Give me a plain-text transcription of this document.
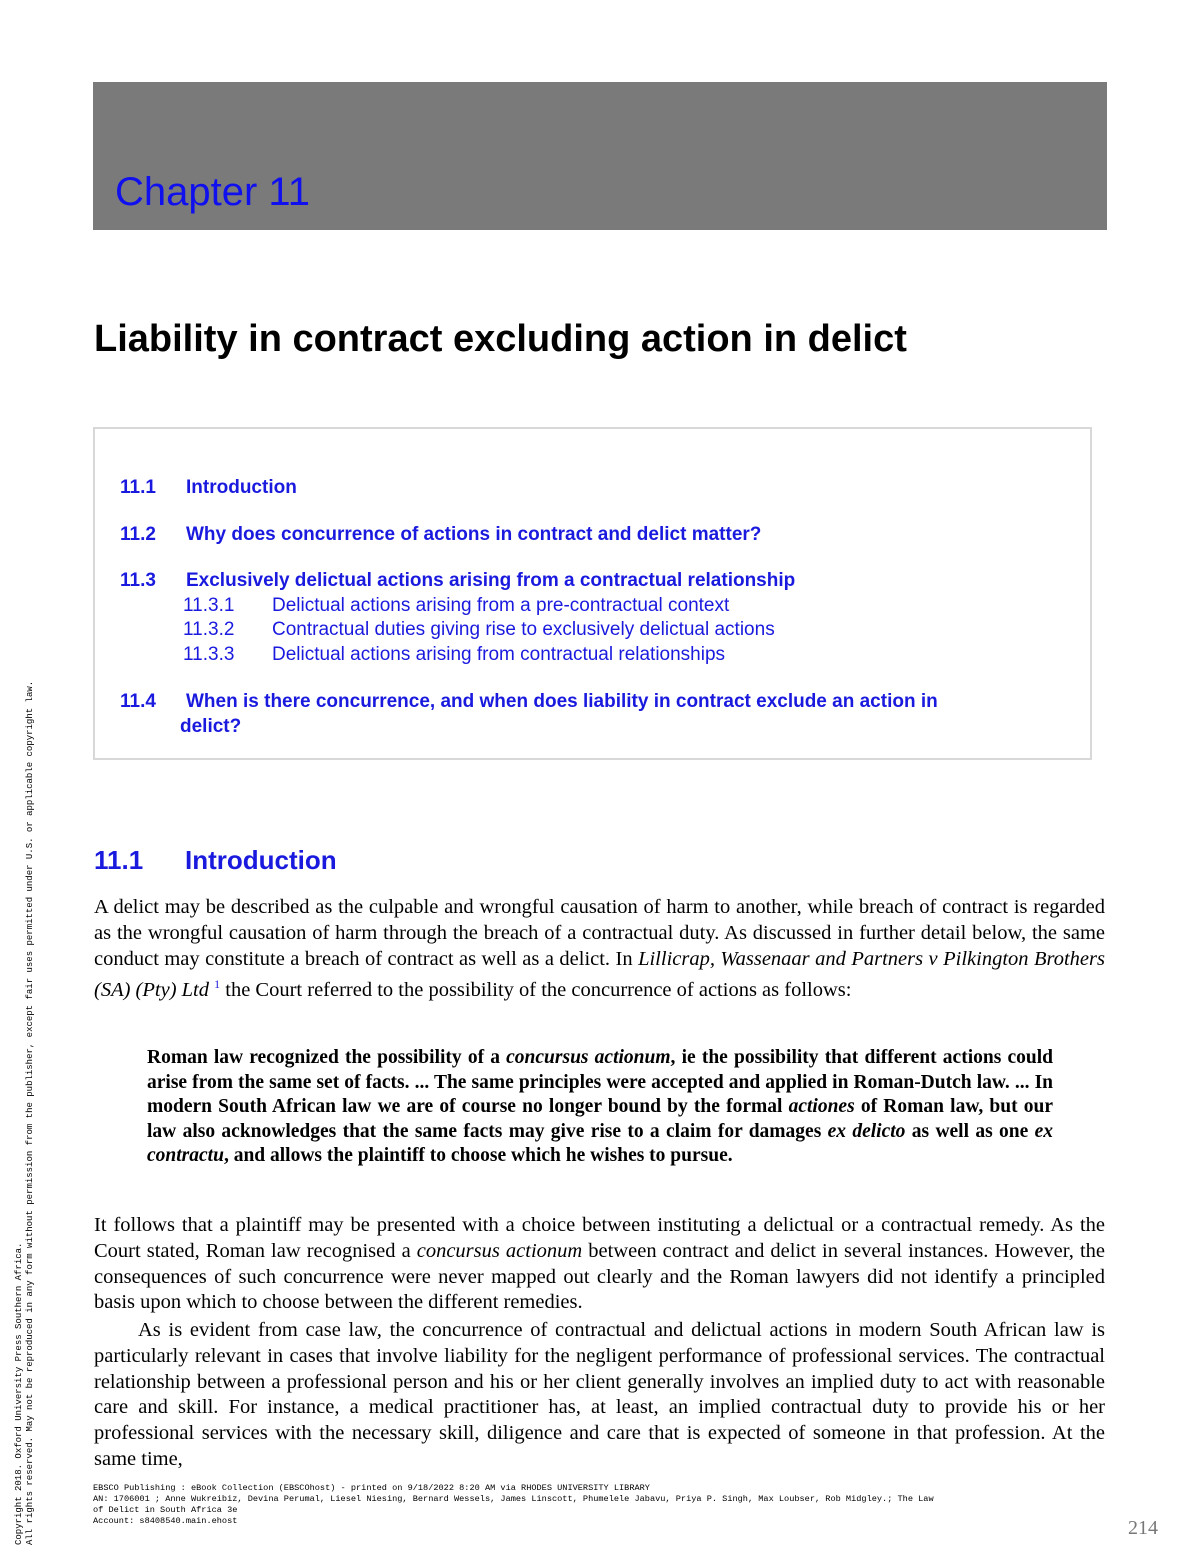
Chapter 11
Liability in contract excluding action in delict
11.1 Introduction
11.2 Why does concurrence of actions in contract and delict matter?
11.3 Exclusively delictual actions arising from a contractual relationship
11.3.1 Delictual actions arising from a pre-contractual context
11.3.2 Contractual duties giving rise to exclusively delictual actions
11.3.3 Delictual actions arising from contractual relationships
11.4 When is there concurrence, and when does liability in contract exclude an action in
delict?
11.1 Introduction
A delict may be described as the culpable and wrongful causation of harm to another, while breach of contract is regarded as the wrongful causation of harm through the breach of a contractual duty. As discussed in further detail below, the same conduct may constitute a breach of contract as well as a delict. In Lillicrap, Wassenaar and Partners v Pilkington Brothers (SA) (Pty) Ltd $^1$ the Court referred to the possibility of the concurrence of actions as follows:
Roman law recognized the possibility of a concursus actionum, ie the possibility that different actions could arise from the same set of facts. ... The same principles were accepted and applied in Roman-Dutch law. ... In modern South African law we are of course no longer bound by the formal actiones of Roman law, but our law also acknowledges that the same facts may give rise to a claim for damages ex delicto as well as one ex contractu, and allows the plaintiff to choose which he wishes to pursue.
It follows that a plaintiff may be presented with a choice between instituting a delictual or a contractual remedy. As the Court stated, Roman law recognised a concursus actionum between contract and delict in several instances. However, the consequences of such concurrence were never mapped out clearly and the Roman lawyers did not identify a principled basis upon which to choose between the different remedies.
As is evident from case law, the concurrence of contractual and delictual actions in modern South African law is particularly relevant in cases that involve liability for the negligent performance of professional services. The contractual relationship between a professional person and his or her client generally involves an implied duty to act with reasonable care and skill. For instance, a medical practitioner has, at least, an implied contractual duty to provide his or her professional services with the necessary skill, diligence and care that is expected of someone in that profession. At the same time,
Copyright 2018. Oxford University Press Southern Africa. All rights reserved. May not be reproduced in any form without permission from the publisher, except fair uses permitted under U.S. or applicable copyright law.	EBSCO Publishing : eBook Collection (EBSCOhost) - printed on 9/18/2022 8:20 AM via RHODES UNIVERSITY LIBRARY
AN: 1706001 ; Anne Wukreibiz, Devina Perumal, Liesel Niesing, Bernard Wessels, James Linscott, Phumelele Jabavu, Priya P. Singh, Max Loubser, Rob Midgley.; The Law
of Delict in South Africa 3e
Account: s8408540.main.ehost	214
